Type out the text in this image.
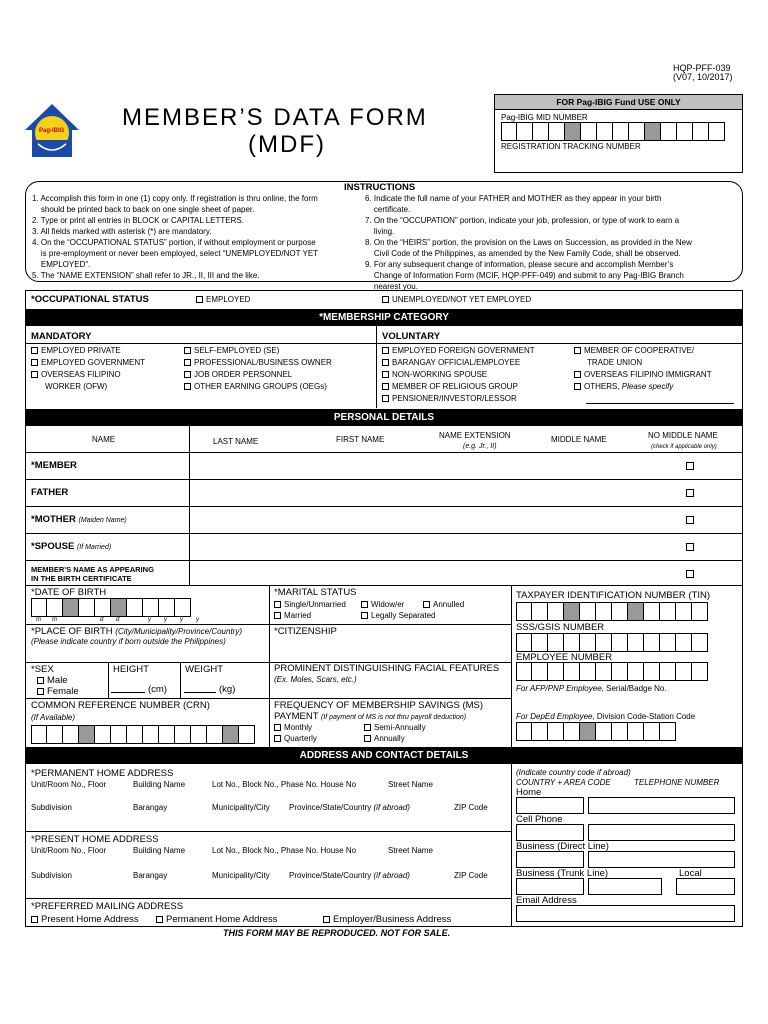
HQP-PFF-039
(V07, 10/2017)
Pag-IBIG MEMBER’S DATA FORM
(MDF)
FOR Pag-IBIG Fund USE ONLY
Pag-IBIG MID NUMBER
REGISTRATION TRACKING NUMBER
INSTRUCTIONS
1. Accomplish this form in one (1) copy only. If registration is thru online, the form
should be printed back to back on one single sheet of paper.
2. Type or print all entries in BLOCK or CAPITAL LETTERS.
3. All fields marked with asterisk (*) are mandatory.
4. On the “OCCUPATIONAL STATUS” portion, if without employment or purpose
is pre-employment or never been employed, select “UNEMPLOYED/NOT YET
EMPLOYED”.
5. The “NAME EXTENSION” shall refer to JR., II, III and the like.
6. Indicate the full name of your FATHER and MOTHER as they appear in your birth
certificate.
7. On the “OCCUPATION” portion, indicate your job, profession, or type of work to earn a
living.
8. On the “HEIRS” portion, the provision on the Laws on Succession, as provided in the New
Civil Code of the Philippines, as amended by the New Family Code, shall be observed.
9. For any subsequent change of information, please secure and accomplish Member’s
Change of Information Form (MCIF, HQP-PFF-049) and submit to any Pag-IBIG Branch
nearest you.
*OCCUPATIONAL STATUS	EMPLOYED	UNEMPLOYED/NOT YET EMPLOYED
*MEMBERSHIP CATEGORY
MANDATORY	VOLUNTARY
EMPLOYED PRIVATE
EMPLOYED GOVERNMENT
OVERSEAS FILIPINO
WORKER (OFW)
SELF-EMPLOYED (SE)
PROFESSIONAL/BUSINESS OWNER
JOB ORDER PERSONNEL
OTHER EARNING GROUPS (OEGs)
EMPLOYED FOREIGN GOVERNMENT
BARANGAY OFFICIAL/EMPLOYEE
NON-WORKING SPOUSE
MEMBER OF RELIGIOUS GROUP
PENSIONER/INVESTOR/LESSOR
MEMBER OF COOPERATIVE/
TRADE UNION
OVERSEAS FILIPINO IMMIGRANT
OTHERS, Please specify
PERSONAL DETAILS
NAME	LAST NAME	FIRST NAME	NAME EXTENSION
(e.g. Jr., II)
MIDDLE NAME	NO MIDDLE NAME
(check if applicable only)
*MEMBER
FATHER
*MOTHER (Maiden Name)
*SPOUSE (If Married)
MEMBER'S NAME AS APPEARING
IN THE BIRTH CERTIFICATE
*DATE OF BIRTH
m m	d d	y y y y
*MARITAL STATUS
Single/Unmarried	Widow/er	Annulled
Married	Legally Separated
TAXPAYER IDENTIFICATION NUMBER (TIN)
*PLACE OF BIRTH (City/Municipality/Province/Country)
(Please indicate country if born outside the Philippines)
*CITIZENSHIP	SSS/GSIS NUMBER
EMPLOYEE NUMBER
*SEX
Male
Female
HEIGHT
(cm)
WEIGHT
(kg)
PROMINENT DISTINGUISHING FACIAL FEATURES
(Ex. Moles, Scars, etc.)
For AFP/PNP Employee, Serial/Badge No.
COMMON REFERENCE NUMBER (CRN)
(If Available)
FREQUENCY OF MEMBERSHIP SAVINGS (MS)
PAYMENT (If payment of MS is not thru payroll deduction)
Monthly	Semi-Annually
Quarterly	Annually
For DepEd Employee, Division Code-Station Code
ADDRESS AND CONTACT DETAILS
*PERMANENT HOME ADDRESS
Unit/Room No., Floor	Building Name	Lot No., Block No., Phase No. House No	Street Name
Subdivision	Barangay	Municipality/City Province/State/Country (if abroad)	ZIP Code
*PRESENT HOME ADDRESS
Unit/Room No., Floor	Building Name	Lot No., Block No., Phase No. House No	Street Name
Subdivision	Barangay	Municipality/City Province/State/Country (if abroad)	ZIP Code
*PREFERRED MAILING ADDRESS
Present Home Address	Permanent Home Address	Employer/Business Address
(Indicate country code if abroad)
COUNTRY + AREA CODE	TELEPHONE NUMBER
Home
Cell Phone
Business (Direct Line)
Business (Trunk Line)	Local
Email Address
THIS FORM MAY BE REPRODUCED. NOT FOR SALE.
